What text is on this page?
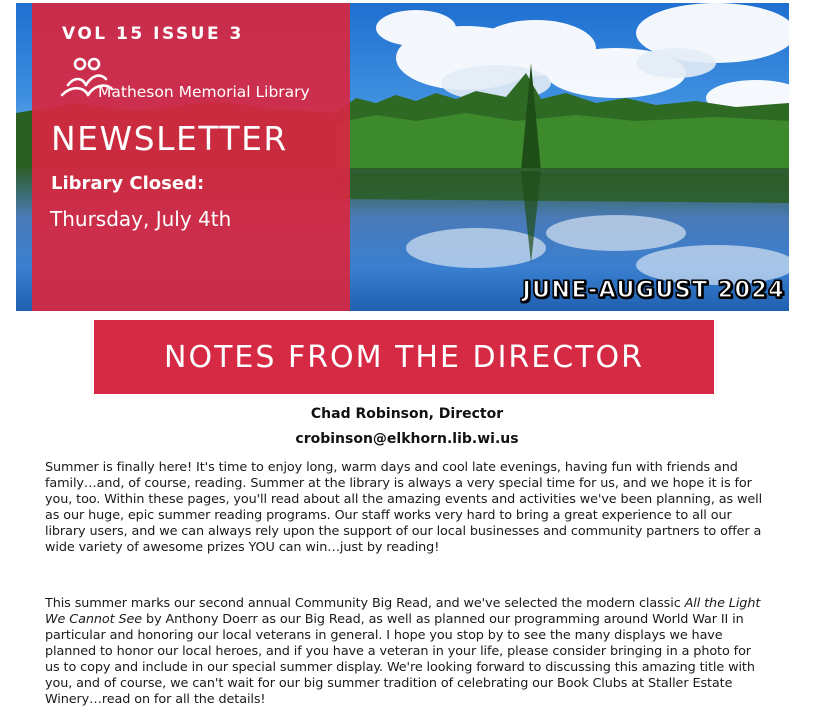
VOL 15 ISSUE 3
Matheson Memorial Library
NEWSLETTER
Library Closed:
Thursday, July 4th
JUNE-AUGUST 2024
NOTES FROM THE DIRECTOR
Chad Robinson, Director
crobinson@elkhorn.lib.wi.us
Summer is finally here! It's time to enjoy long, warm days and cool late evenings, having fun with friends and family…and, of course, reading. Summer at the library is always a very special time for us, and we hope it is for you, too. Within these pages, you'll read about all the amazing events and activities we've been planning, as well as our huge, epic summer reading programs. Our staff works very hard to bring a great experience to all our library users, and we can always rely upon the support of our local businesses and community partners to offer a wide variety of awesome prizes YOU can win…just by reading!
This summer marks our second annual Community Big Read, and we've selected the modern classic All the Light We Cannot See by Anthony Doerr as our Big Read, as well as planned our programming around World War II in particular and honoring our local veterans in general. I hope you stop by to see the many displays we have planned to honor our local heroes, and if you have a veteran in your life, please consider bringing in a photo for us to copy and include in our special summer display. We're looking forward to discussing this amazing title with you, and of course, we can't wait for our big summer tradition of celebrating our Book Clubs at Staller Estate Winery…read on for all the details!
